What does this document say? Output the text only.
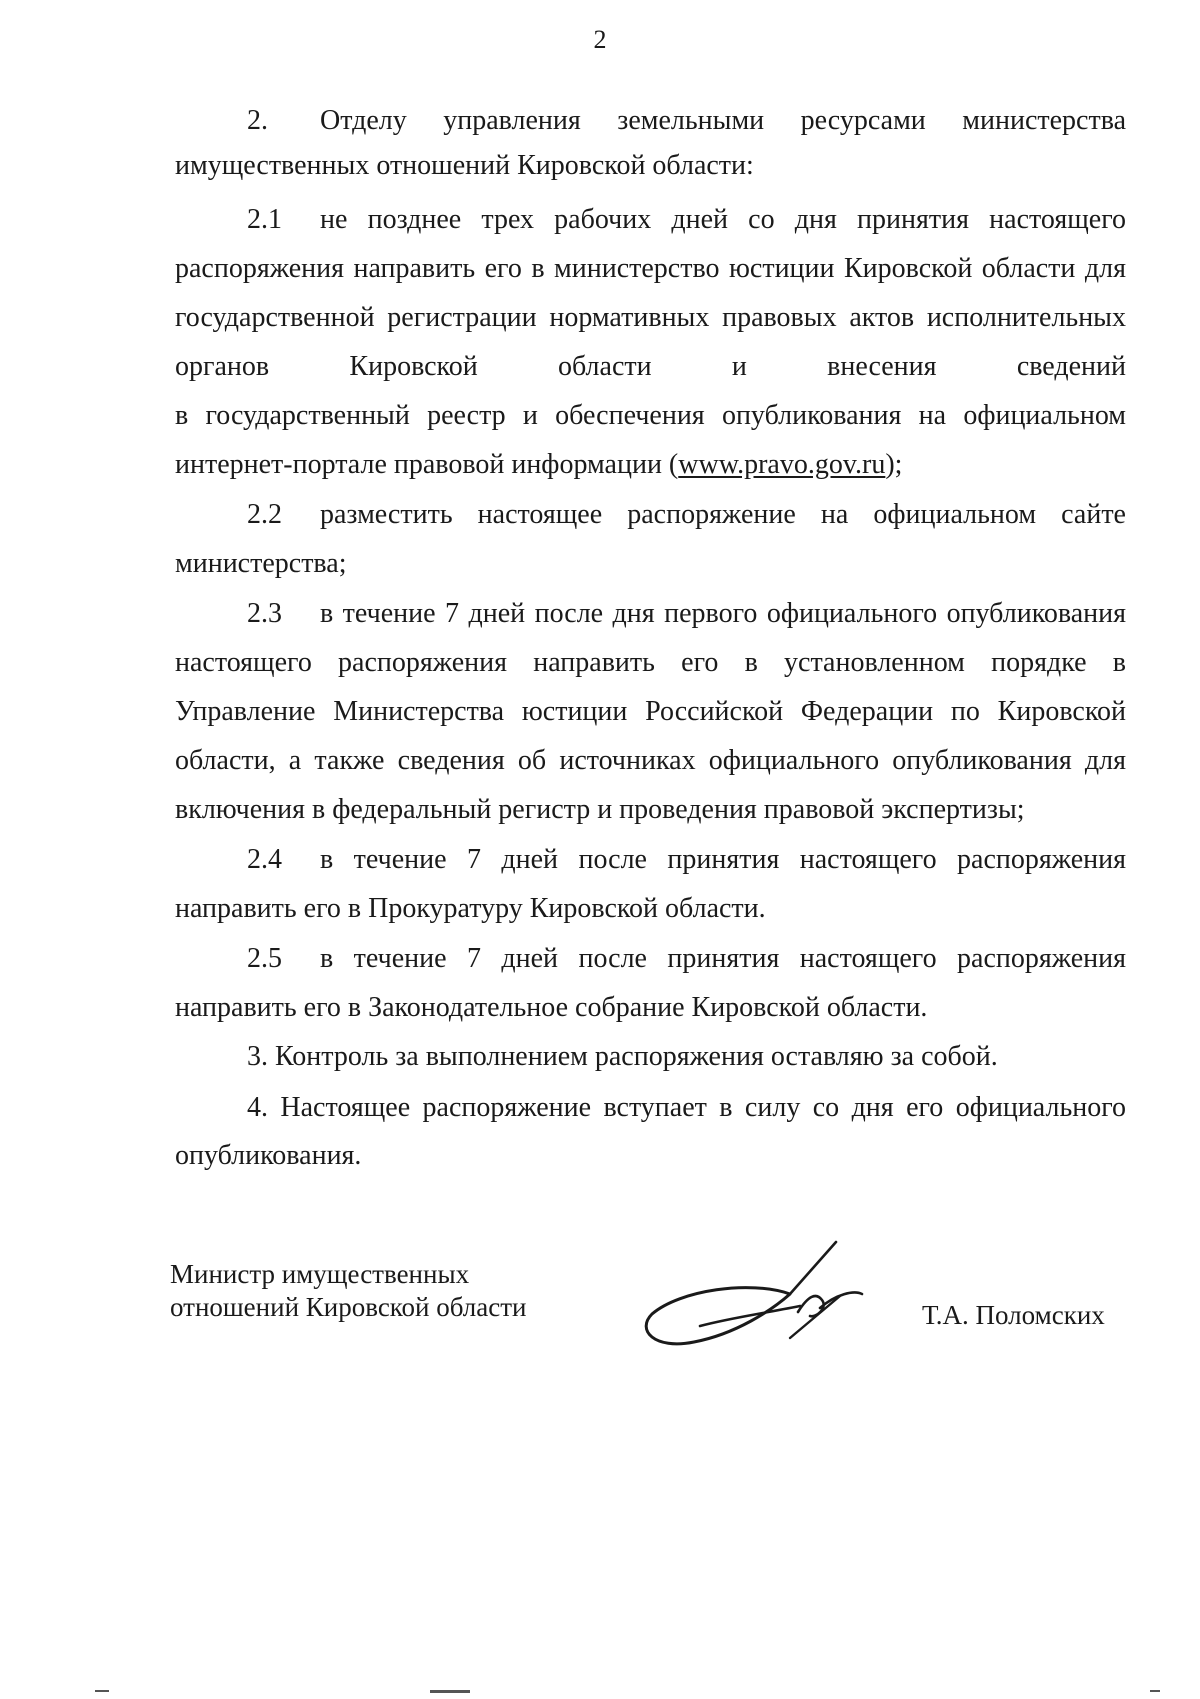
2
2. Отделу управления земельными ресурсами министерства
имущественных отношений Кировской области:
2.1 не позднее трех рабочих дней со дня принятия настоящего
распоряжения направить его в министерство юстиции Кировской области для
государственной регистрации нормативных правовых актов исполнительных
органов Кировской области и внесения сведений
в государственный реестр и обеспечения опубликования на официальном
интернет-портале правовой информации (www.pravo.gov.ru);
2.2 разместить настоящее распоряжение на официальном сайте
министерства;
2.3 в течение 7 дней после дня первого официального опубликования
настоящего распоряжения направить его в установленном порядке в
Управление Министерства юстиции Российской Федерации по Кировской
области, а также сведения об источниках официального опубликования для
включения в федеральный регистр и проведения правовой экспертизы;
2.4 в течение 7 дней после принятия настоящего распоряжения
направить его в Прокуратуру Кировской области.
2.5 в течение 7 дней после принятия настоящего распоряжения
направить его в Законодательное собрание Кировской области.
3. Контроль за выполнением распоряжения оставляю за собой.
4. Настоящее распоряжение вступает в силу со дня его официального
опубликования.
Министр имущественных
отношений Кировской области	Т.А. Поломских
